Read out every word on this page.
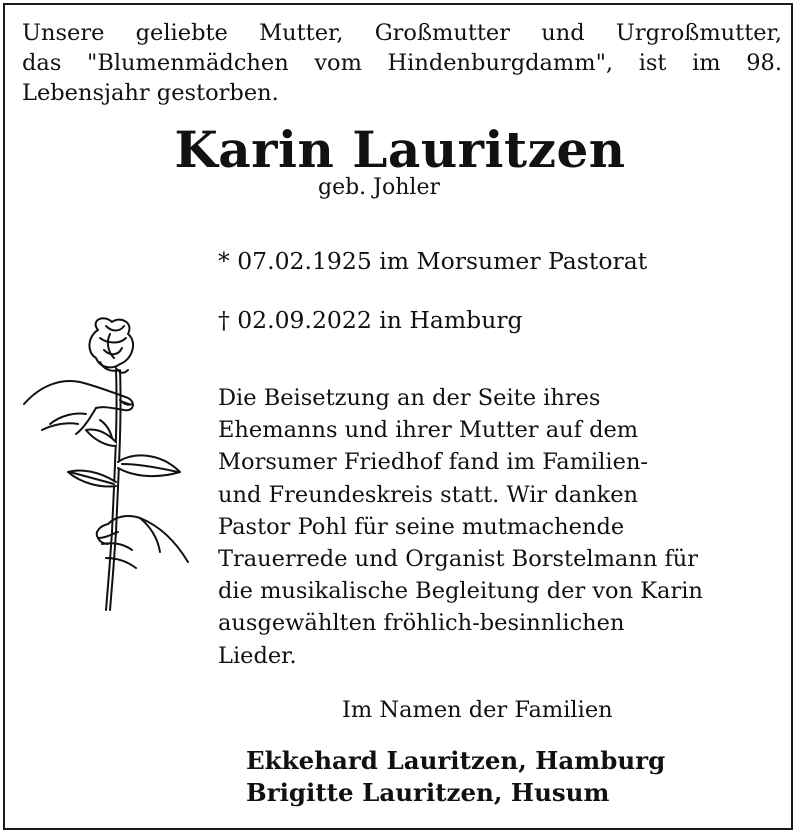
Unsere geliebte Mutter, Großmutter und Urgroßmutter,
das "Blumenmädchen vom Hindenburgdamm", ist im 98.
Lebensjahr gestorben.
Karin Lauritzen
geb. Johler
* 07.02.1925 im Morsumer Pastorat
† 02.09.2022 in Hamburg
Die Beisetzung an der Seite ihres
Ehemanns und ihrer Mutter auf dem
Morsumer Friedhof fand im Familien-
und Freundeskreis statt. Wir danken
Pastor Pohl für seine mutmachende
Trauerrede und Organist Borstelmann für
die musikalische Begleitung der von Karin
ausgewählten fröhlich-besinnlichen
Lieder.
Im Namen der Familien
Ekkehard Lauritzen, Hamburg
Brigitte Lauritzen, Husum
